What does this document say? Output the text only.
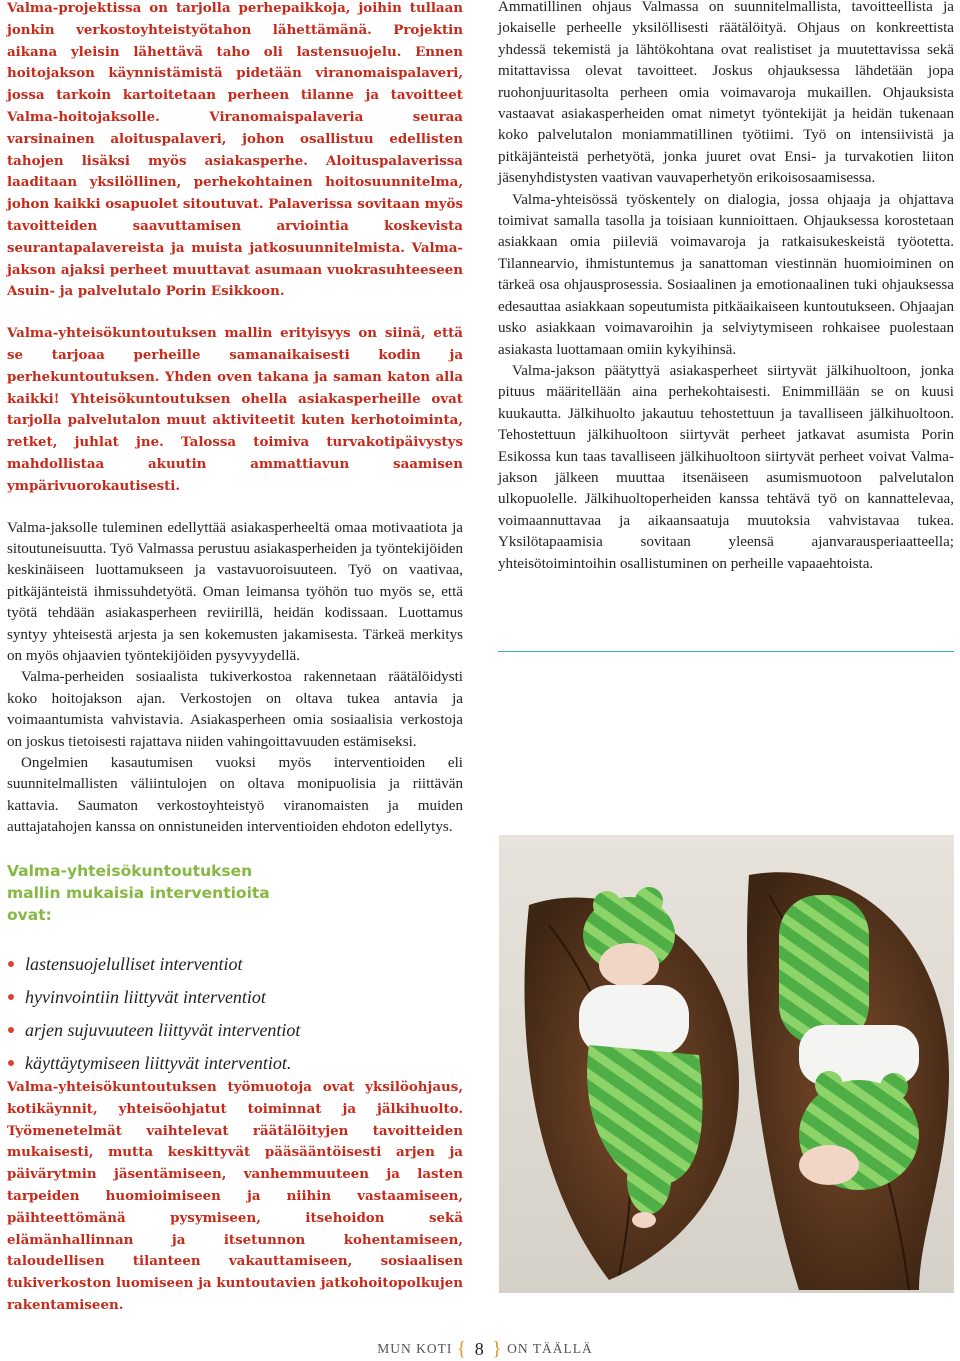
Valma-projektissa on tarjolla perhepaikkoja, joihin tullaan jonkin verkostoyhteistyötahon lähettämänä. Projektin aikana yleisin lähettävä taho oli lastensuojelu. Ennen hoitojakson käynnistämistä pidetään viranomaispalaveri, jossa tarkoin kartoitetaan perheen tilanne ja tavoitteet Valma-hoitojaksolle. Viranomaispalaveria seuraa varsinainen aloituspalaveri, johon osallistuu edellisten tahojen lisäksi myös asiakasperhe. Aloituspalaverissa laaditaan yksilöllinen, perhekohtainen hoitosuunnitelma, johon kaikki osapuolet sitoutuvat. Palaverissa sovitaan myös tavoitteiden saavuttamisen arviointia koskevista seurantapalavereista ja muista jatkosuunnitelmista. Valma-jakson ajaksi perheet muuttavat asumaan vuokrasuhteeseen Asuin- ja palvelutalo Porin Esikkoon.

Valma-yhteisökuntoutuksen mallin erityisyys on siinä, että se tarjoaa perheille samanaikaisesti kodin ja perhekuntoutuksen. Yhden oven takana ja saman katon alla kaikki! Yhteisökuntoutuksen ohella asiakasperheille ovat tarjolla palvelutalon muut aktiviteetit kuten kerhotoiminta, retket, juhlat jne. Talossa toimiva turvakotipäivystys mahdollistaa akuutin ammattiavun saamisen ympärivuorokautisesti.

Valma-jaksolle tuleminen edellyttää asiakasperheeltä omaa motivaatiota ja sitoutuneisuutta. Työ Valmassa perustuu asiakasperheiden ja työntekijöiden keskinäiseen luottamukseen ja vastavuoroisuuteen. Työ on vaativaa, pitkäjänteistä ihmissuhdetyötä. Oman leimansa työhön tuo myös se, että työtä tehdään asiakasperheen reviirillä, heidän kodissaan. Luottamus syntyy yhteisestä arjesta ja sen kokemusten jakamisesta. Tärkeä merkitys on myös ohjaavien työntekijöiden pysyvyydellä.

Valma-perheiden sosiaalista tukiverkostoa rakennetaan räätälöidysti koko hoitojakson ajan. Verkostojen on oltava tukea antavia ja voimaantumista vahvistavia. Asiakasperheen omia sosiaalisia verkostoja on joskus tietoisesti rajattava niiden vahingoittavuuden estämiseksi.

Ongelmien kasautumisen vuoksi myös interventioiden eli suunnitelmallisten väliintulojen on oltava monipuolisia ja riittävän kattavia. Saumaton verkostoyhteistyö viranomaisten ja muiden auttajatahojen kanssa on onnistuneiden interventioiden ehdoton edellytys.

Valma-yhteisökuntoutuksen mallin mukaisia interventioita ovat:

lastensuojelulliset interventiot
hyvinvointiin liittyvät interventiot
arjen sujuvuuteen liittyvät interventiot
käyttäytymiseen liittyvät interventiot.

Valma-yhteisökuntoutuksen työmuotoja ovat yksilöohjaus, kotikäynnit, yhteisöohjatut toiminnat ja jälkihuolto. Työmenetelmät vaihtelevat räätälöityjen tavoitteiden mukaisesti, mutta keskittyvät pääsääntöisesti arjen ja päivärytmin jäsentämiseen, vanhemmuuteen ja lasten tarpeiden huomioimiseen ja niihin vastaamiseen, päihteettömänä pysymiseen, itsehoidon sekä elämänhallinnan ja itsetunnon kohentamiseen, taloudellisen tilanteen vakauttamiseen, sosiaalisen tukiverkoston luomiseen ja kuntoutavien jatkohoitopolkujen rakentamiseen.

Ammatillinen ohjaus Valmassa on suunnitelmallista, tavoitteellista ja jokaiselle perheelle yksilöllisesti räätälöityä. Ohjaus on konkreettista yhdessä tekemistä ja lähtökohtana ovat realistiset ja muutettavissa sekä mitattavissa olevat tavoitteet. Joskus ohjauksessa lähdetään jopa ruohonjuuritasolta perheen omia voimavaroja mukaillen. Ohjauksista vastaavat asiakasperheiden omat nimetyt työntekijät ja heidän tukenaan koko palvelutalon moniammatillinen työtiimi. Työ on intensiivistä ja pitkäjänteistä perhetyötä, jonka juuret ovat Ensi- ja turvakotien liiton jäsenyhdistysten vaativan vauvaperhetyön erikoisosaamisessa.

Valma-yhteisössä työskentely on dialogia, jossa ohjaaja ja ohjattava toimivat samalla tasolla ja toisiaan kunnioittaen. Ohjauksessa korostetaan asiakkaan omia piileviä voimavaroja ja ratkaisukeskeistä työotetta. Tilannearvio, ihmistuntemus ja sanattoman viestinnän huomioiminen on tärkeä osa ohjausprosessia. Sosiaalinen ja emotionaalinen tuki ohjauksessa edesauttaa asiakkaan sopeutumista pitkäaikaiseen kuntoutukseen. Ohjaajan usko asiakkaan voimavaroihin ja selviytymiseen rohkaisee puolestaan asiakasta luottamaan omiin kykyihinsä.

Valma-jakson päätyttyä asiakasperheet siirtyvät jälkihuoltoon, jonka pituus määritellään aina perhekohtaisesti. Enimmillään se on kuusi kuukautta. Jälkihuolto jakautuu tehostettuun ja tavalliseen jälkihuoltoon. Tehostettuun jälkihuoltoon siirtyvät perheet jatkavat asumista Porin Esikossa kun taas tavalliseen jälkihuoltoon siirtyvät perheet voivat Valma-jakson jälkeen muuttaa itsenäiseen asumismuotoon palvelutalon ulkopuolelle. Jälkihuoltoperheiden kanssa tehtävä työ on kannattelevaa, voimaannuttavaa ja aikaansaatuja muutoksia vahvistavaa tukea. Yksilötapaamisia sovitaan yleensä ajanvarausperiaatteella; yhteisötoimintoihin osallistuminen on perheille vapaaehtoista.

MUN KOTI { 8 } ON TÄÄLLÄ
